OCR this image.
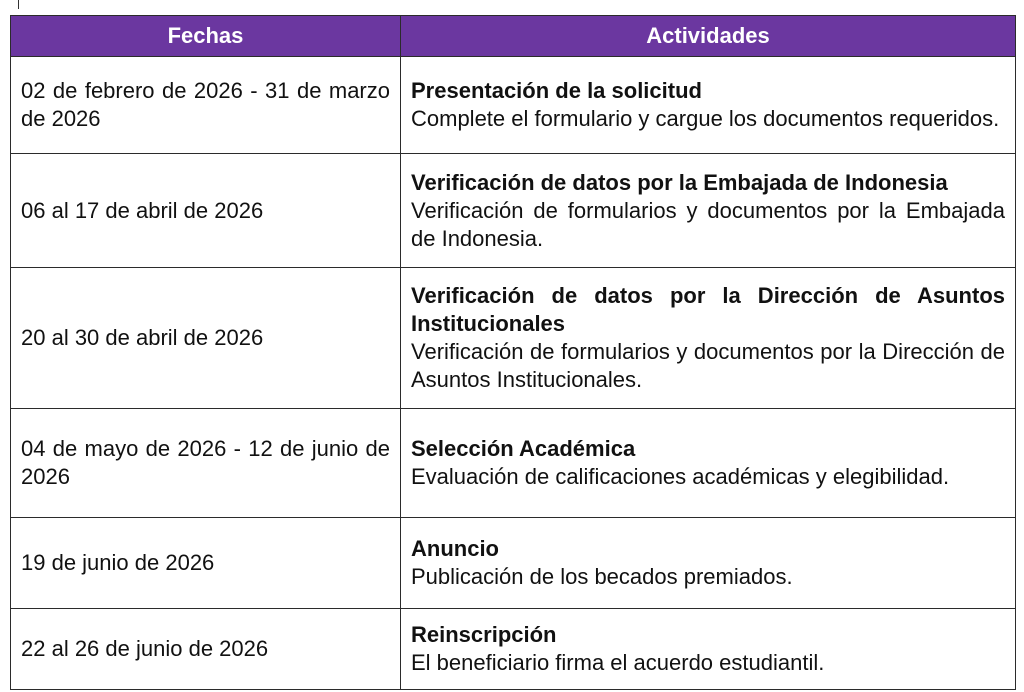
Fechas	Actividades
02 de febrero de 2026 - 31 de marzo de 2026	Presentación de la solicitud
Complete el formulario y cargue los documentos requeridos.

06 al 17 de abril de 2026	Verificación de datos por la Embajada de Indonesia
Verificación de formularios y documentos por la Embajada de Indonesia.

20 al 30 de abril de 2026	Verificación de datos por la Dirección de Asuntos Institucionales
Verificación de formularios y documentos por la Dirección de Asuntos Institucionales.

04 de mayo de 2026 - 12 de junio de 2026	Selección Académica
Evaluación de calificaciones académicas y elegibilidad.

19 de junio de 2026	Anuncio
Publicación de los becados premiados.

22 al 26 de junio de 2026	Reinscripción
El beneficiario firma el acuerdo estudiantil.
